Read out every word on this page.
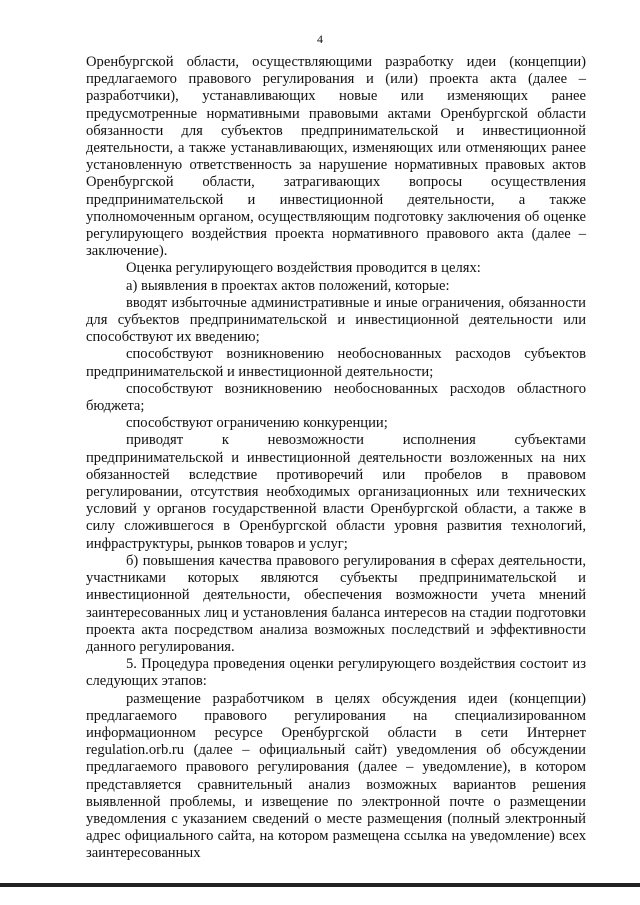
4

Оренбургской области, осуществляющими разработку идеи (концепции) предлагаемого правового регулирования и (или) проекта акта (далее – разработчики), устанавливающих новые или изменяющих ранее предусмотренные нормативными правовыми актами Оренбургской области обязанности для субъектов предпринимательской и инвестиционной деятельности, а также устанавливающих, изменяющих или отменяющих ранее установленную ответственность за нарушение нормативных правовых актов Оренбургской области, затрагивающих вопросы осуществления предпринимательской и инвестиционной деятельности, а также уполномоченным органом, осуществляющим подготовку заключения об оценке регулирующего воздействия проекта нормативного правового акта (далее – заключение).

Оценка регулирующего воздействия проводится в целях:

а) выявления в проектах актов положений, которые:

вводят избыточные административные и иные ограничения, обязанности для субъектов предпринимательской и инвестиционной деятельности или способствуют их введению;

способствуют возникновению необоснованных расходов субъектов предпринимательской и инвестиционной деятельности;

способствуют возникновению необоснованных расходов областного бюджета;

способствуют ограничению конкуренции;

приводят к невозможности исполнения субъектами предпринимательской и инвестиционной деятельности возложенных на них обязанностей вследствие противоречий или пробелов в правовом регулировании, отсутствия необходимых организационных или технических условий у органов государственной власти Оренбургской области, а также в силу сложившегося в Оренбургской области уровня развития технологий, инфраструктуры, рынков товаров и услуг;

б) повышения качества правового регулирования в сферах деятельности, участниками которых являются субъекты предпринимательской и инвестиционной деятельности, обеспечения возможности учета мнений заинтересованных лиц и установления баланса интересов на стадии подготовки проекта акта посредством анализа возможных последствий и эффективности данного регулирования.

5. Процедура проведения оценки регулирующего воздействия состоит из следующих этапов:

размещение разработчиком в целях обсуждения идеи (концепции) предлагаемого правового регулирования на специализированном информационном ресурсе Оренбургской области в сети Интернет regulation.orb.ru (далее – официальный сайт) уведомления об обсуждении предлагаемого правового регулирования (далее – уведомление), в котором представляется сравнительный анализ возможных вариантов решения выявленной проблемы, и извещение по электронной почте о размещении уведомления с указанием сведений о месте размещения (полный электронный адрес официального сайта, на котором размещена ссылка на уведомление) всех заинтересованных
